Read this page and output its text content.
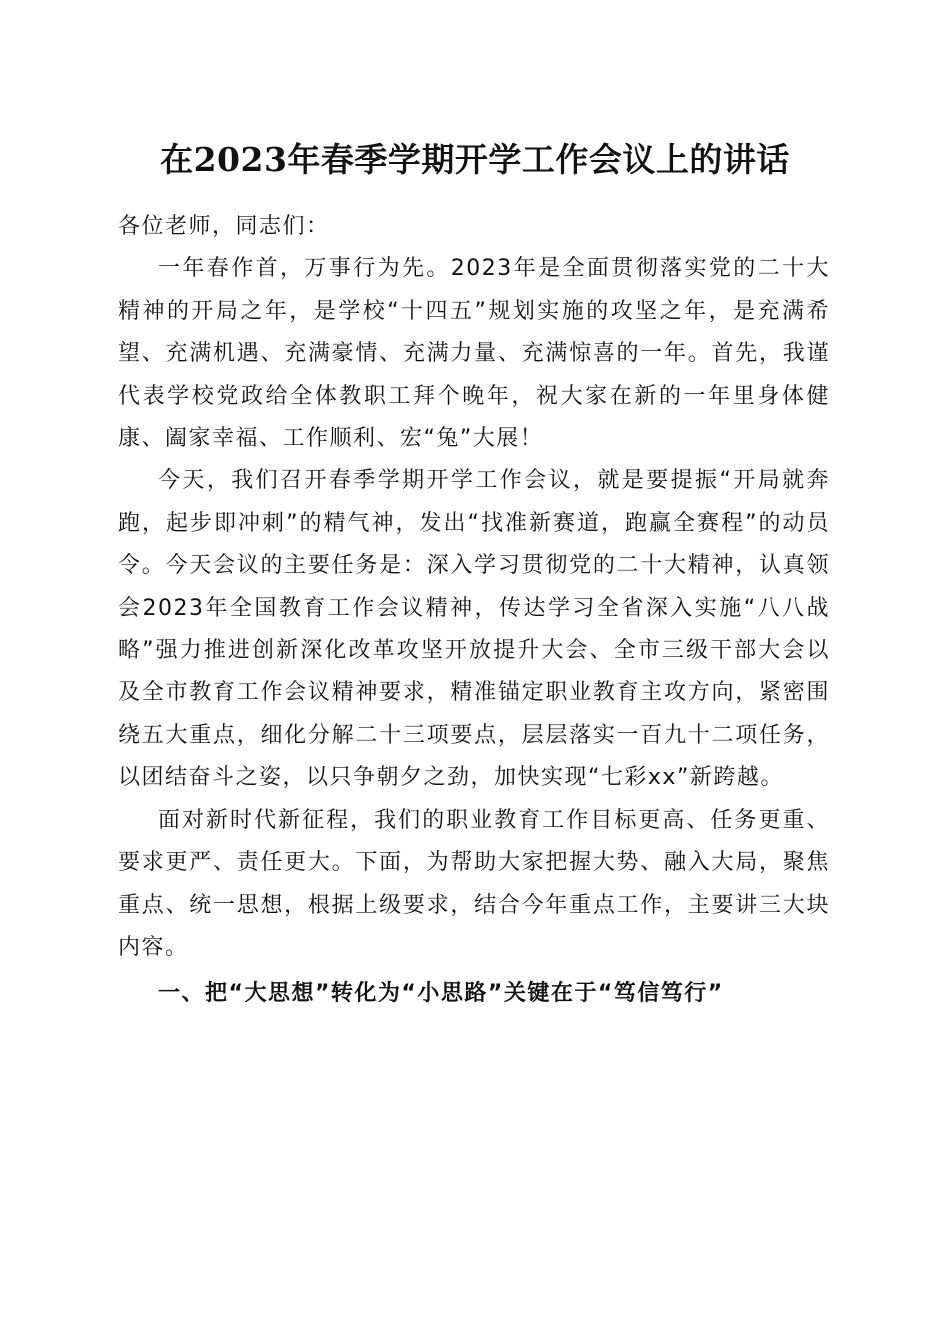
在2023年春季学期开学工作会议上的讲话

各位老师，同志们：

一年春作首，万事行为先。2023年是全面贯彻落实党的二十大精神的开局之年，是学校“十四五”规划实施的攻坚之年，是充满希望、充满机遇、充满豪情、充满力量、充满惊喜的一年。首先，我谨代表学校党政给全体教职工拜个晚年，祝大家在新的一年里身体健康、阖家幸福、工作顺利、宏“兔”大展！

今天，我们召开春季学期开学工作会议，就是要提振“开局就奔跑，起步即冲刺”的精气神，发出“找准新赛道，跑赢全赛程”的动员令。今天会议的主要任务是：深入学习贯彻党的二十大精神，认真领会2023年全国教育工作会议精神，传达学习全省深入实施“八八战略”强力推进创新深化改革攻坚开放提升大会、全市三级干部大会以及全市教育工作会议精神要求，精准锚定职业教育主攻方向，紧密围绕五大重点，细化分解二十三项要点，层层落实一百九十二项任务，以团结奋斗之姿，以只争朝夕之劲，加快实现“七彩xx”新跨越。

面对新时代新征程，我们的职业教育工作目标更高、任务更重、要求更严、责任更大。下面，为帮助大家把握大势、融入大局，聚焦重点、统一思想，根据上级要求，结合今年重点工作，主要讲三大块内容。

一、把“大思想”转化为“小思路”关键在于“笃信笃行”
